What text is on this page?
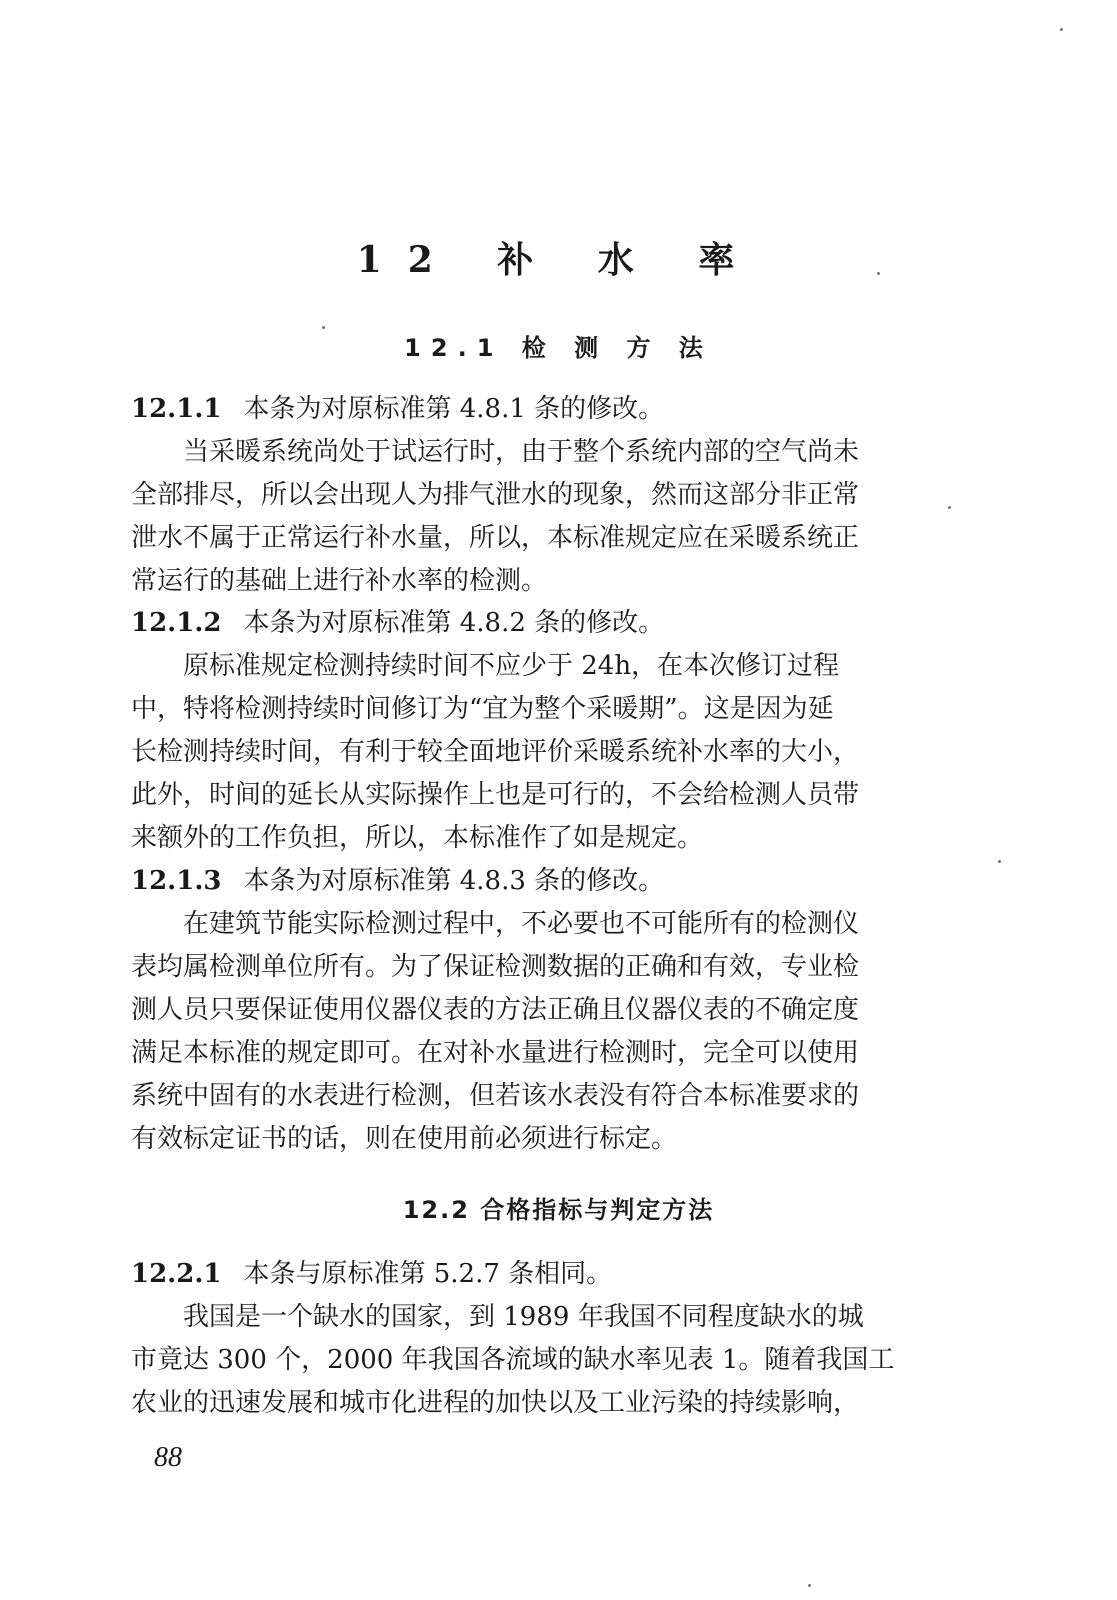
12 补 水 率
12.1 检 测 方 法

12.1.1 本条为对原标准第 4.8.1 条的修改。

当采暖系统尚处于试运行时，由于整个系统内部的空气尚未

全部排尽，所以会出现人为排气泄水的现象，然而这部分非正常

泄水不属于正常运行补水量，所以，本标准规定应在采暖系统正

常运行的基础上进行补水率的检测。

12.1.2 本条为对原标准第 4.8.2 条的修改。

原标准规定检测持续时间不应少于 24h，在本次修订过程

中，特将检测持续时间修订为“宜为整个采暖期”。这是因为延

长检测持续时间，有利于较全面地评价采暖系统补水率的大小，

此外，时间的延长从实际操作上也是可行的，不会给检测人员带

来额外的工作负担，所以，本标准作了如是规定。

12.1.3 本条为对原标准第 4.8.3 条的修改。

在建筑节能实际检测过程中，不必要也不可能所有的检测仪

表均属检测单位所有。为了保证检测数据的正确和有效，专业检

测人员只要保证使用仪器仪表的方法正确且仪器仪表的不确定度

满足本标准的规定即可。在对补水量进行检测时，完全可以使用

系统中固有的水表进行检测，但若该水表没有符合本标准要求的

有效标定证书的话，则在使用前必须进行标定。

12.2 合格指标与判定方法

12.2.1 本条与原标准第 5.2.7 条相同。

我国是一个缺水的国家，到 1989 年我国不同程度缺水的城

市竟达 300 个，2000 年我国各流域的缺水率见表 1。随着我国工

农业的迅速发展和城市化进程的加快以及工业污染的持续影响，

88
